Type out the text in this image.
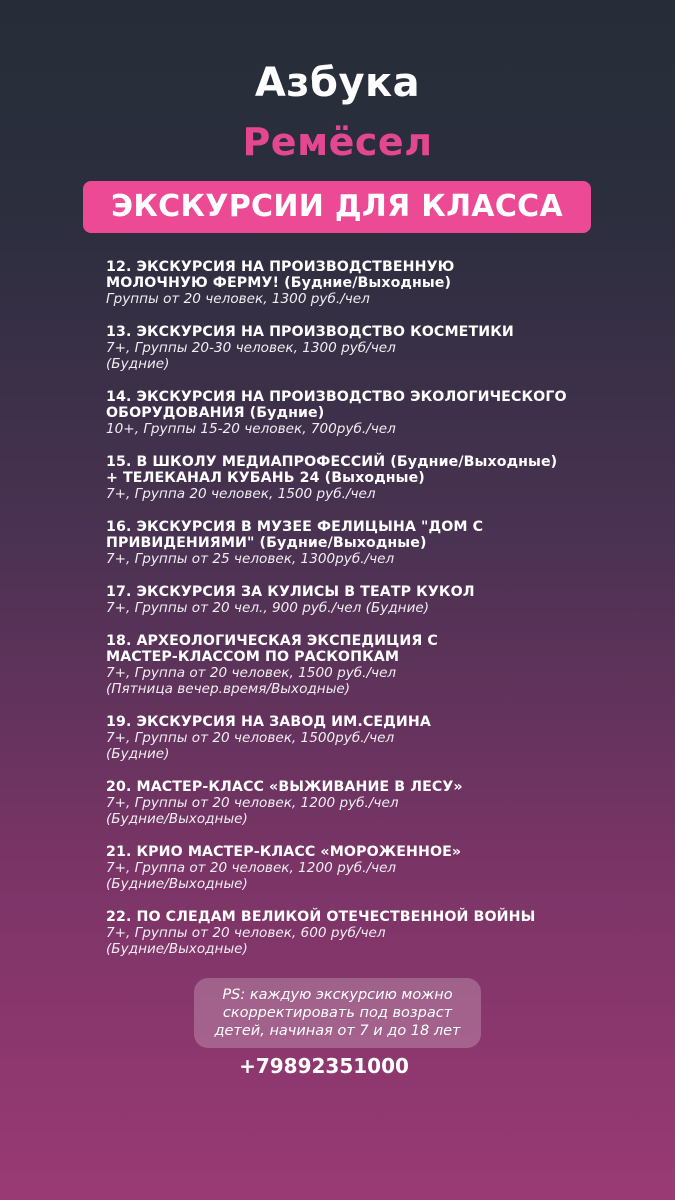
Азбука
Ремёсел
ЭКСКУРСИИ ДЛЯ КЛАССА
12. ЭКСКУРСИЯ НА ПРОИЗВОДСТВЕННУЮ
МОЛОЧНУЮ ФЕРМУ! (Будние/Выходные)
Группы от 20 человек, 1300 руб./чел
13. ЭКСКУРСИЯ НА ПРОИЗВОДСТВО КОСМЕТИКИ
7+, Группы 20-30 человек, 1300 руб/чел
(Будние)
14. ЭКСКУРСИЯ НА ПРОИЗВОДСТВО ЭКОЛОГИЧЕСКОГО
ОБОРУДОВАНИЯ (Будние)
10+, Группы 15-20 человек, 700руб./чел
15. В ШКОЛУ МЕДИАПРОФЕССИЙ (Будние/Выходные)
+ ТЕЛЕКАНАЛ КУБАНЬ 24 (Выходные)
7+, Группа 20 человек, 1500 руб./чел
16. ЭКСКУРСИЯ В МУЗЕЕ ФЕЛИЦЫНА "ДОМ С
ПРИВИДЕНИЯМИ" (Будние/Выходные)
7+, Группы от 25 человек, 1300руб./чел
17. ЭКСКУРСИЯ ЗА КУЛИСЫ В ТЕАТР КУКОЛ
7+, Группы от 20 чел., 900 руб./чел (Будние)
18. АРХЕОЛОГИЧЕСКАЯ ЭКСПЕДИЦИЯ С
МАСТЕР-КЛАССОМ ПО РАСКОПКАМ
7+, Группа от 20 человек, 1500 руб./чел
(Пятница вечер.время/Выходные)
19. ЭКСКУРСИЯ НА ЗАВОД ИМ.СЕДИНА
7+, Группы от 20 человек, 1500руб./чел
(Будние)
20. МАСТЕР-КЛАСС «ВЫЖИВАНИЕ В ЛЕСУ»
7+, Группы от 20 человек, 1200 руб./чел
(Будние/Выходные)
21. КРИО МАСТЕР-КЛАСС «МОРОЖЕННОЕ»
7+, Группа от 20 человек, 1200 руб./чел
(Будние/Выходные)
22. ПО СЛЕДАМ ВЕЛИКОЙ ОТЕЧЕСТВЕННОЙ ВОЙНЫ
7+, Группы от 20 человек, 600 руб/чел
(Будние/Выходные)
PS: каждую экскурсию можно
скорректировать под возраст
детей, начиная от 7 и до 18 лет
+79892351000
